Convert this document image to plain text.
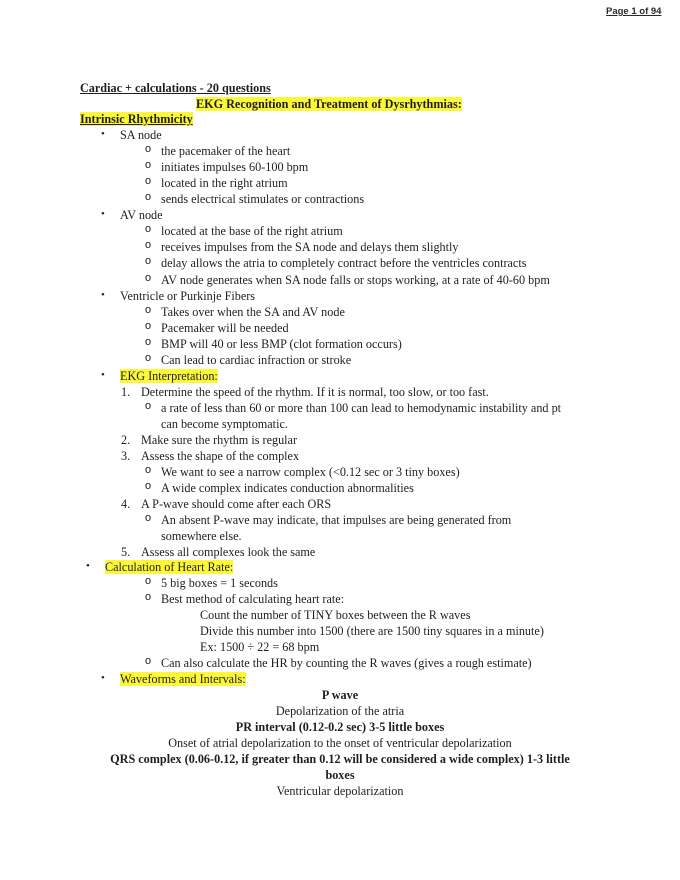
Page 1 of 94
Cardiac + calculations - 20 questions
EKG Recognition and Treatment of Dysrhythmias:
Intrinsic Rhythmicity
• SA node
o the pacemaker of the heart
o initiates impulses 60-100 bpm
o located in the right atrium
o sends electrical stimulates or contractions
• AV node
o located at the base of the right atrium
o receives impulses from the SA node and delays them slightly
o delay allows the atria to completely contract before the ventricles contracts
o AV node generates when SA node falls or stops working, at a rate of 40-60 bpm
• Ventricle or Purkinje Fibers
o Takes over when the SA and AV node
o Pacemaker will be needed
o BMP will 40 or less BMP (clot formation occurs)
o Can lead to cardiac infraction or stroke
• EKG Interpretation:
1. Determine the speed of the rhythm. If it is normal, too slow, or too fast.
o a rate of less than 60 or more than 100 can lead to hemodynamic instability and pt
can become symptomatic.
2. Make sure the rhythm is regular
3. Assess the shape of the complex
o We want to see a narrow complex (<0.12 sec or 3 tiny boxes)
o A wide complex indicates conduction abnormalities
4. A P-wave should come after each ORS
o An absent P-wave may indicate, that impulses are being generated from
somewhere else.
5. Assess all complexes look the same
• Calculation of Heart Rate:
o 5 big boxes = 1 seconds
o Best method of calculating heart rate:
Count the number of TINY boxes between the R waves
Divide this number into 1500 (there are 1500 tiny squares in a minute)
Ex: 1500 ÷ 22 = 68 bpm
o Can also calculate the HR by counting the R waves (gives a rough estimate)
• Waveforms and Intervals:
P wave
Depolarization of the atria
PR interval (0.12-0.2 sec) 3-5 little boxes
Onset of atrial depolarization to the onset of ventricular depolarization
QRS complex (0.06-0.12, if greater than 0.12 will be considered a wide complex) 1-3 little
boxes
Ventricular depolarization
